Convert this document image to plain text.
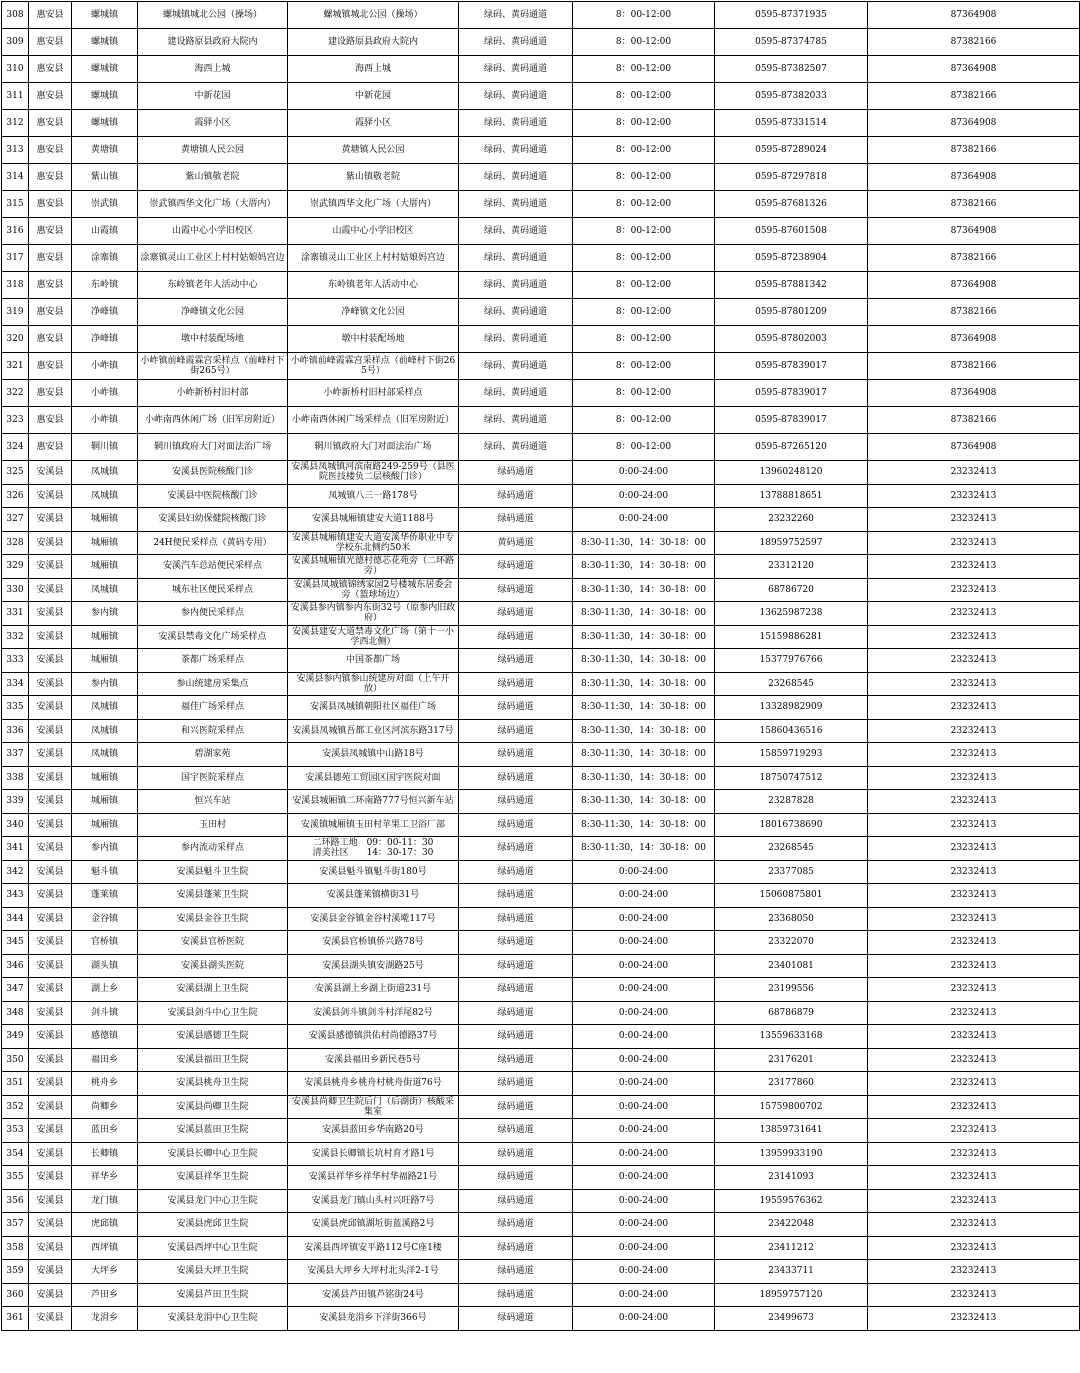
308	惠安县	螺城镇	螺城镇城北公园（操场）	螺城镇城北公园（操场）	绿码、黄码通道	8：00-12:00	0595-87371935	87364908
309	惠安县	螺城镇	建设路原县政府大院内	建设路原县政府大院内	绿码、黄码通道	8：00-12:00	0595-87374785	87382166
310	惠安县	螺城镇	海西上城	海西上城	绿码、黄码通道	8：00-12:00	0595-87382507	87364908
311	惠安县	螺城镇	中新花园	中新花园	绿码、黄码通道	8：00-12:00	0595-87382033	87382166
312	惠安县	螺城镇	霞驿小区	霞驿小区	绿码、黄码通道	8：00-12:00	0595-87331514	87364908
313	惠安县	黄塘镇	黄塘镇人民公园	黄塘镇人民公园	绿码、黄码通道	8：00-12:00	0595-87289024	87382166
314	惠安县	紫山镇	紫山镇敬老院	紫山镇敬老院	绿码、黄码通道	8：00-12:00	0595-87297818	87364908
315	惠安县	崇武镇	崇武镇西华文化广场（大厝内）	崇武镇西华文化广场（大厝内）	绿码、黄码通道	8：00-12:00	0595-87681326	87382166
316	惠安县	山霞镇	山霞中心小学旧校区	山霞中心小学旧校区	绿码、黄码通道	8：00-12:00	0595-87601508	87364908
317	惠安县	涂寨镇	涂寨镇灵山工业区上村村姑娘妈宫边	涂寨镇灵山工业区上村村姑娘妈宫边	绿码、黄码通道	8：00-12:00	0595-87238904	87382166
318	惠安县	东岭镇	东岭镇老年人活动中心	东岭镇老年人活动中心	绿码、黄码通道	8：00-12:00	0595-87881342	87364908
319	惠安县	净峰镇	净峰镇文化公园	净峰镇文化公园	绿码、黄码通道	8：00-12:00	0595-87801209	87382166
320	惠安县	净峰镇	墩中村装配场地	墩中村装配场地	绿码、黄码通道	8：00-12:00	0595-87802003	87364908
321	惠安县	小岞镇	小岞镇前峰霞霖宫采样点（前峰村下街265号）	小岞镇前峰霞霖宫采样点（前峰村下街265号）	绿码、黄码通道	8：00-12:00	0595-87839017	87382166
322	惠安县	小岞镇	小岞新桥村旧村部	小岞新桥村旧村部采样点	绿码、黄码通道	8：00-12:00	0595-87839017	87364908
323	惠安县	小岞镇	小岞南西休闲广场（旧军房附近）	小岞南西休闲广场采样点（旧军房附近）	绿码、黄码通道	8：00-12:00	0595-87839017	87382166
324	惠安县	辋川镇	辋川镇政府大门对面法治广场	辋川镇政府大门对面法治广场	绿码、黄码通道	8：00-12:00	0595-87265120	87364908
325	安溪县	凤城镇	安溪县医院核酸门诊	安溪县凤城镇河滨南路249-259号（县医院医技楼负二层核酸门诊）	绿码通道	0:00-24:00	13960248120	23232413
326	安溪县	凤城镇	安溪县中医院核酸门诊	凤城镇八三一路178号	绿码通道	0:00-24:00	13788818651	23232413
327	安溪县	城厢镇	安溪县妇幼保健院核酸门诊	安溪县城厢镇建安大道1188号	绿码通道	0:00-24:00	23232260	23232413
328	安溪县	城厢镇	24H便民采样点（黄码专用）	安溪县城厢镇建安大道安溪华侨职业中专学校东北侧约50米	黄码通道	8:30-11:30，14：30-18：00	18959752597	23232413
329	安溪县	城厢镇	安溪汽车总站便民采样点	安溪县城厢镇光德村德芯花苑旁（二环路旁）	绿码通道	8:30-11:30，14：30-18：00	23312120	23232413
330	安溪县	凤城镇	城东社区便民采样点	安溪县凤城镇锦绣家园2号楼城东居委会旁（篮球场边）	绿码通道	8:30-11:30，14：30-18：00	68786720	23232413
331	安溪县	参内镇	参内便民采样点	安溪县参内镇参内东街32号（原参内旧政府）	绿码通道	8:30-11:30，14：30-18：00	13625987238	23232413
332	安溪县	城厢镇	安溪县禁毒文化广场采样点	安溪县建安大道禁毒文化广场（第十一小学西北侧）	绿码通道	8:30-11:30，14：30-18：00	15159886281	23232413
333	安溪县	城厢镇	茶都广场采样点	中国茶都广场	绿码通道	8:30-11:30，14：30-18：00	15377976766	23232413
334	安溪县	参内镇	参山统建房采集点	安溪县参内镇参山统建房对面（上午开放）	绿码通道	8:30-11:30，14：30-18：00	23268545	23232413
335	安溪县	凤城镇	福佳广场采样点	安溪县凤城镇朝阳社区福佳广场	绿码通道	8:30-11:30，14：30-18：00	13328982909	23232413
336	安溪县	凤城镇	和兴医院采样点	安溪县凤城镇吾都工业区河滨东路317号	绿码通道	8:30-11:30，14：30-18：00	15860436516	23232413
337	安溪县	凤城镇	碧湖家苑	安溪县凤城镇中山路18号	绿码通道	8:30-11:30，14：30-18：00	15859719293	23232413
338	安溪县	城厢镇	国宇医院采样点	安溪县德苑工贸园区国宇医院对面	绿码通道	8:30-11:30，14：30-18：00	18750747512	23232413
339	安溪县	城厢镇	恒兴车站	安溪县城厢镇二环南路777号恒兴新车站	绿码通道	8:30-11:30，14：30-18：00	23287828	23232413
340	安溪县	城厢镇	玉田村	安溪镇城厢镇玉田村苹果工卫浴厂部	绿码通道	8:30-11:30，14：30-18：00	18016738690	23232413
341	安溪县	参内镇	参内流动采样点	二环路工地　09：00-11：30
清美社区　　14：30-17：30	绿码通道	8:30-11:30，14：30-18：00	23268545	23232413
342	安溪县	魁斗镇	安溪县魁斗卫生院	安溪县魁斗镇魁斗街180号	绿码通道	0:00-24:00	23377085	23232413
343	安溪县	蓬莱镇	安溪县蓬莱卫生院	安溪县蓬莱镇横街31号	绿码通道	0:00-24:00	15060875801	23232413
344	安溪县	金谷镇	安溪县金谷卫生院	安溪县金谷镇金谷村溪墘117号	绿码通道	0:00-24:00	23368050	23232413
345	安溪县	官桥镇	安溪县官桥医院	安溪县官桥镇侨兴路78号	绿码通道	0:00-24:00	23322070	23232413
346	安溪县	湖头镇	安溪县湖头医院	安溪县湖头镇安湖路25号	绿码通道	0:00-24:00	23401081	23232413
347	安溪县	湖上乡	安溪县湖上卫生院	安溪县湖上乡湖上街道231号	绿码通道	0:00-24:00	23199556	23232413
348	安溪县	剑斗镇	安溪县剑斗中心卫生院	安溪县剑斗镇剑斗村洋尾82号	绿码通道	0:00-24:00	68786879	23232413
349	安溪县	感德镇	安溪县感德卫生院	安溪县感德镇洪佑村尚德路37号	绿码通道	0:00-24:00	13559633168	23232413
350	安溪县	福田乡	安溪县福田卫生院	安溪县福田乡新民巷5号	绿码通道	0:00-24:00	23176201	23232413
351	安溪县	桃舟乡	安溪县桃舟卫生院	安溪县桃舟乡桃舟村桃舟街道76号	绿码通道	0:00-24:00	23177860	23232413
352	安溪县	尚卿乡	安溪县尚卿卫生院	安溪县尚卿卫生院后门（后湖街）核酸采集室	绿码通道	0:00-24:00	15759800702	23232413
353	安溪县	蓝田乡	安溪县蓝田卫生院	安溪县蓝田乡华南路20号	绿码通道	0:00-24:00	13859731641	23232413
354	安溪县	长卿镇	安溪县长卿中心卫生院	安溪县长卿镇长坑村育才路1号	绿码通道	0:00-24:00	13959933190	23232413
355	安溪县	祥华乡	安溪县祥华卫生院	安溪县祥华乡祥华村华福路21号	绿码通道	0:00-24:00	23141093	23232413
356	安溪县	龙门镇	安溪县龙门中心卫生院	安溪县龙门镇山头村兴旺路7号	绿码通道	0:00-24:00	19559576362	23232413
357	安溪县	虎邱镇	安溪县虎邱卫生院	安溪县虎邱镇湖坵街蓝溪路2号	绿码通道	0:00-24:00	23422048	23232413
358	安溪县	西坪镇	安溪县西坪中心卫生院	安溪县西坪镇安平路112号C座1楼	绿码通道	0:00-24:00	23411212	23232413
359	安溪县	大坪乡	安溪县大坪卫生院	安溪县大坪乡大坪村北头洋2-1号	绿码通道	0:00-24:00	23433711	23232413
360	安溪县	芦田乡	安溪县芦田卫生院	安溪县芦田镇芦铭街24号	绿码通道	0:00-24:00	18959757120	23232413
361	安溪县	龙涓乡	安溪县龙涓中心卫生院	安溪县龙涓乡下洋街366号	绿码通道	0:00-24:00	23499673	23232413
